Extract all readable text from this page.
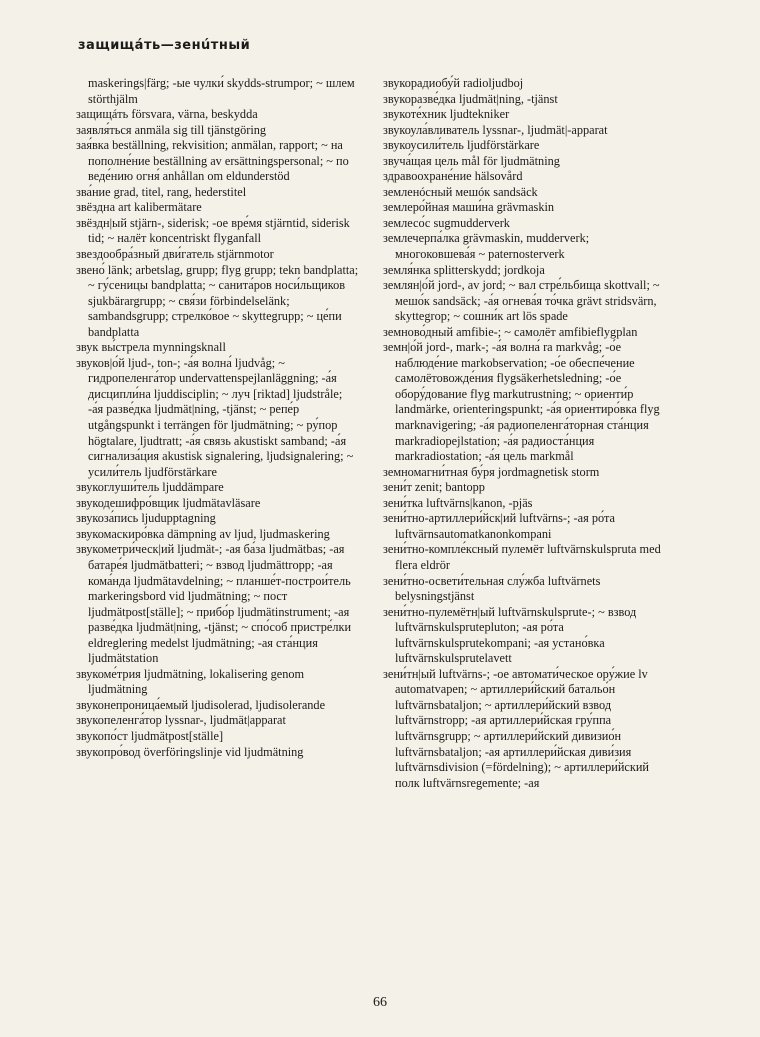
защищáть—зенúтный

maskerings|färg; -ые чулки́ skydds-strumpor; ~ шлем störthjälm

защищáть försvara, värna, beskydda

заявля́ться anmäla sig till tjänstgöring

зая́вка beställning, rekvisition; anmälan, rapport; ~ на пополне́ние beställning av ersättningspersonal; ~ по веде́нию огня́ anhållan om eldunderstöd

зва́ние grad, titel, rang, hederstitel

звёздна art kalibermätare

звёздн|ый stjärn-, siderisk; -ое вре́мя stjärntid, siderisk tid; ~ налёт koncentriskt flyganfall

звездообра́зный дви́гатель stjärnmotor

звено́ länk; arbetslag, grupp; flyg grupp; tekn bandplatta; ~ гу́сеницы bandplatta; ~ санита́ров носи́льщиков sjukbärargrupp; ~ свя́зи förbindelselänk; sambandsgrupp; стрелко́вое ~ skyttegrupp; ~ це́пи bandplatta

звук вы́стрела mynningsknall

звуков|о́й ljud-, ton-; -а́я волна́ ljudvåg; ~ гидропеленга́тор undervattenspejlanläggning; -а́я дисципли́на ljuddisciplin; ~ луч [riktad] ljudstråle; -а́я разве́дка ljudmät|ning, -tjänst; ~ репе́р utgångspunkt i terrängen för ljudmätning; ~ ру́пор högtalare, ljudtratt; -а́я связь akustiskt samband; -а́я сигнализа́ция akustisk signalering, ljudsignalering; ~ усили́тель ljudförstärkare

звукоглуши́тель ljuddämpare

звукодешифро́вщик ljudmätavläsare

звукоза́пись ljudupptagning

звукомаскиро́вка dämpning av ljud, ljudmaskering

звукометри́ческ|ий ljudmät-; -ая ба́за ljudmätbas; -ая батаре́я ljudmätbatteri; ~ взвод ljudmättropp; -ая кома́нда ljudmätavdelning; ~ планше́т-построи́тель markeringsbord vid ljudmätning; ~ пост ljudmätpost[ställe]; ~ прибо́р ljudmätinstrument; -ая разве́дка ljudmät|ning, -tjänst; ~ спо́соб пристре́лки eldreglering medelst ljudmätning; -ая ста́нция ljudmätstation

звукоме́трия ljudmätning, lokalisering genom ljudmätning

звуконепроница́емый ljudisolerad, ljudisolerande

звукопеленга́тор lyssnar-, ljudmät|apparat

звукопо́ст ljudmätpost[ställe]

звукопро́вод överföringslinje vid ljudmätning

звукорадиобу́й radioljudboj

звукоразве́дка ljudmät|ning, -tjänst

звукоте́хник ljudtekniker

звукоула́вливатель lyssnar-, ljudmät|-apparat

звукоусили́тель ljudförstärkare

звуча́щая цель mål för ljudmätning

здравоохране́ние hälsovård

земленóсный мешóк sandsäck

землеро́йная маши́на grävmaskin

землесо́с sugmudderverk

землечерпа́лка grävmaskin, mudderverk; многоковшева́я ~ paternosterverk

земля́нка splitterskydd; jordkoja

землян|о́й jord-, av jord; ~ вал стре́льбища skottvall; ~ мешо́к sandsäck; -а́я огнева́я то́чка grävt stridsvärn, skyttegrop; ~ сошни́к art lös spade

земново́дный amfibie-; ~ самолёт amfibieflygplan

земн|о́й jord-, mark-; -а́я волна́ ra markvåg; -о́е наблюде́ние markobservation; -о́е обеспе́чение самолётовожде́ния flygsäkerhetsledning; -о́е обору́дование flyg markutrustning; ~ ориенти́р landmärke, orienteringspunkt; -а́я ориентиро́вка flyg marknavigering; -а́я радиопеленга́торная ста́нция markradiopejlstation; -а́я радиоста́нция markradiostation; -а́я цель markmål

земномагни́тная бу́ря jordmagnetisk storm

зени́т zenit; bantopp

зени́тка luftvärns|kanon, -pjäs

зени́тно-артиллери́йск|ий luftvärns-; -ая ро́та luftvärnsautomatkanonkompani

зени́тно-компле́ксный пулемёт luftvärnskulspruta med flera eldrör

зени́тно-освети́тельная слу́жба luftvärnets belysningstjänst

зени́тно-пулемётн|ый luftvärnskulsprute-; ~ взвод luftvärnskulsprutepluton; -ая ро́та luftvärnskulsprutekompani; -ая устано́вка luftvärnskulsprutelavett

зени́тн|ый luftvärns-; -ое автомати́ческое ору́жие lv automatvapen; ~ артиллери́йский батальо́н luftvärnsbataljon; ~ артиллери́йский взвод luftvärnstropp; -ая артиллери́йская гру́ппа luftvärnsgrupp; ~ артиллери́йский дивизио́н luftvärnsbataljon; -ая артиллери́йская диви́зия luftvärnsdivision (=fördelning); ~ артиллери́йский полк luftvärnsregemente; -ая

66
